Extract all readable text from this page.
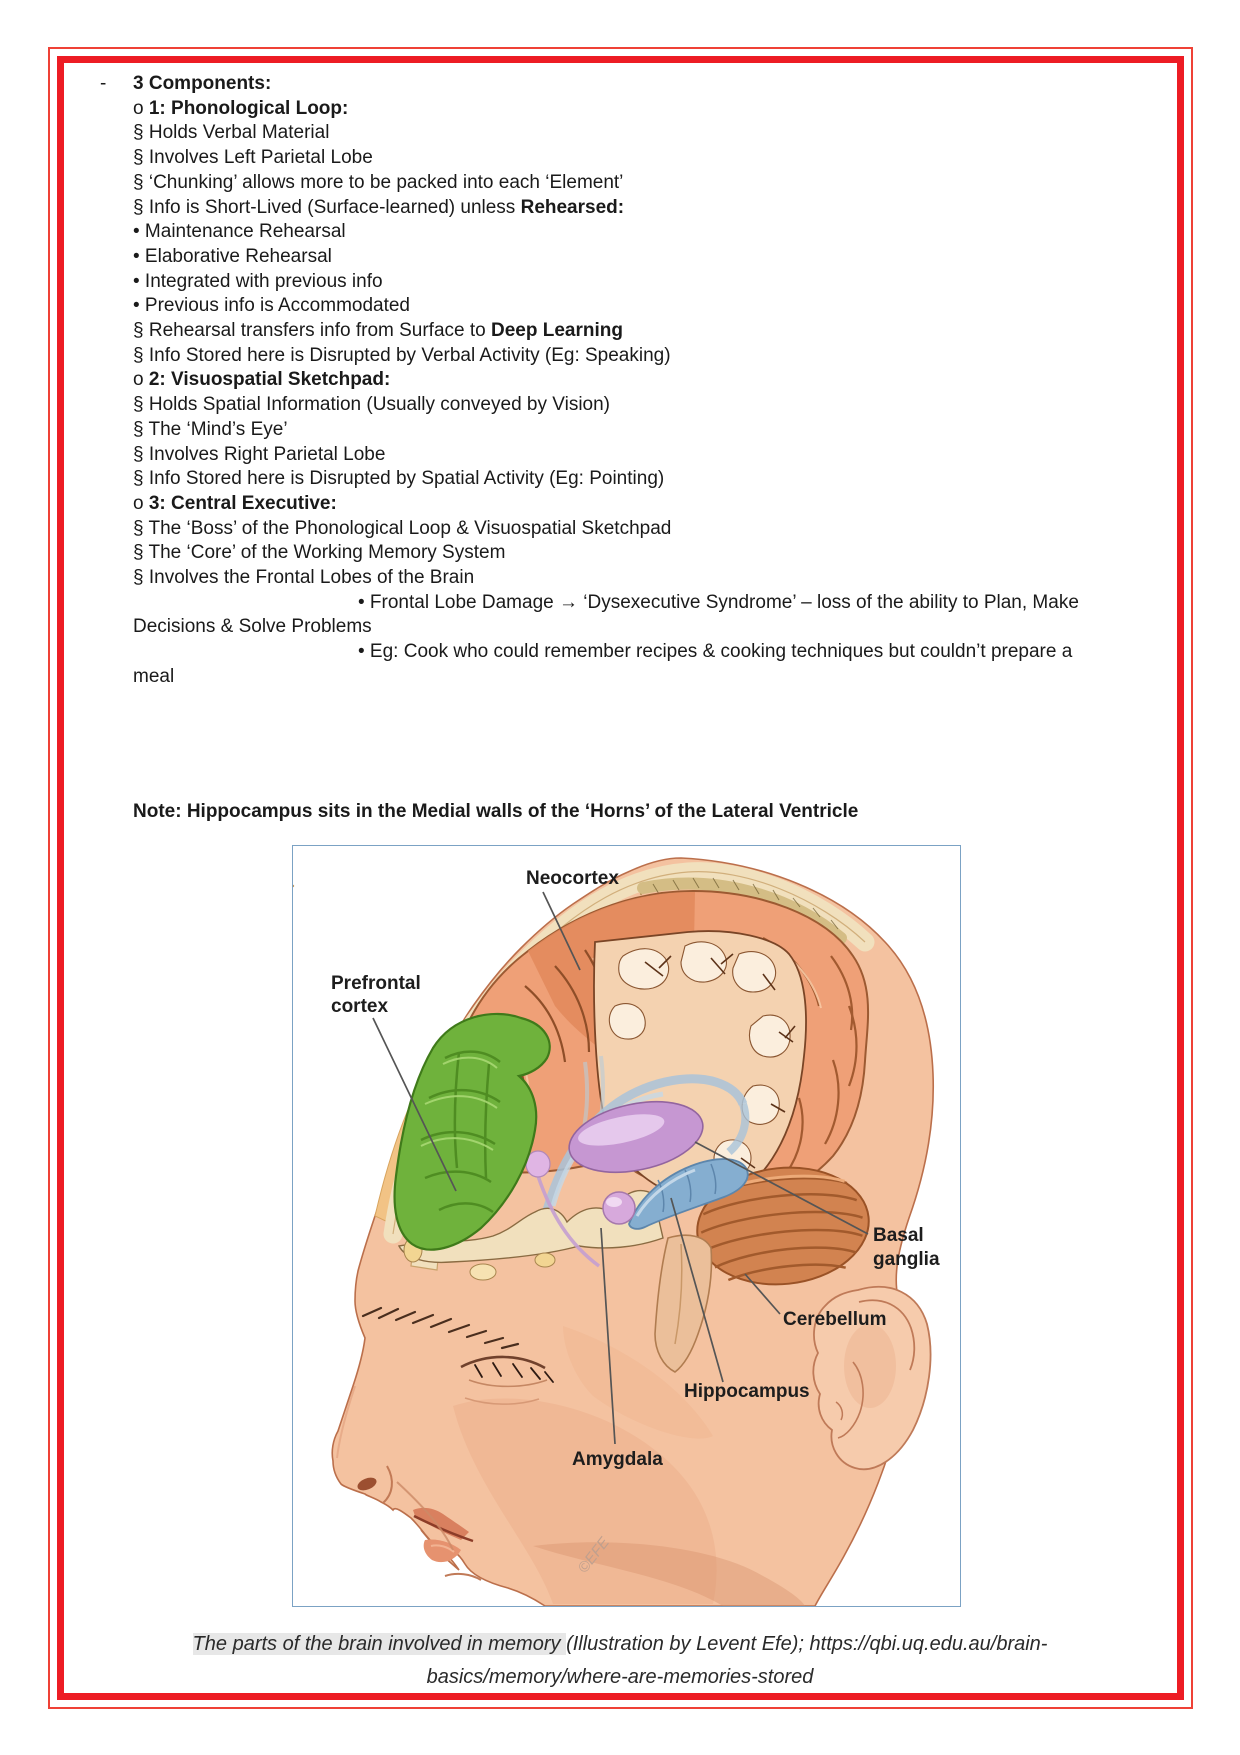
- 3 Components:
o 1: Phonological Loop:
§ Holds Verbal Material
§ Involves Left Parietal Lobe
§ ‘Chunking’ allows more to be packed into each ‘Element’
§ Info is Short-Lived (Surface-learned) unless Rehearsed:
• Maintenance Rehearsal
• Elaborative Rehearsal
• Integrated with previous info
• Previous info is Accommodated
§ Rehearsal transfers info from Surface to Deep Learning
§ Info Stored here is Disrupted by Verbal Activity (Eg: Speaking)
o 2: Visuospatial Sketchpad:
§ Holds Spatial Information (Usually conveyed by Vision)
§ The ‘Mind’s Eye’
§ Involves Right Parietal Lobe
§ Info Stored here is Disrupted by Spatial Activity (Eg: Pointing)
o 3: Central Executive:
§ The ‘Boss’ of the Phonological Loop & Visuospatial Sketchpad
§ The ‘Core’ of the Working Memory System
§ Involves the Frontal Lobes of the Brain
• Frontal Lobe Damage → ‘Dysexecutive Syndrome’ – loss of the ability to Plan, Make
Decisions & Solve Problems
• Eg: Cook who could remember recipes & cooking techniques but couldn’t prepare a
meal
Note: Hippocampus sits in the Medial walls of the ‘Horns’ of the Lateral Ventricle
©EFE
Neocortex
Prefrontal
cortex
Basal
ganglia
Cerebellum
Hippocampus
Amygdala
The parts of the brain involved in memory (Illustration by Levent Efe); https://qbi.uq.edu.au/brain-
basics/memory/where-are-memories-stored
